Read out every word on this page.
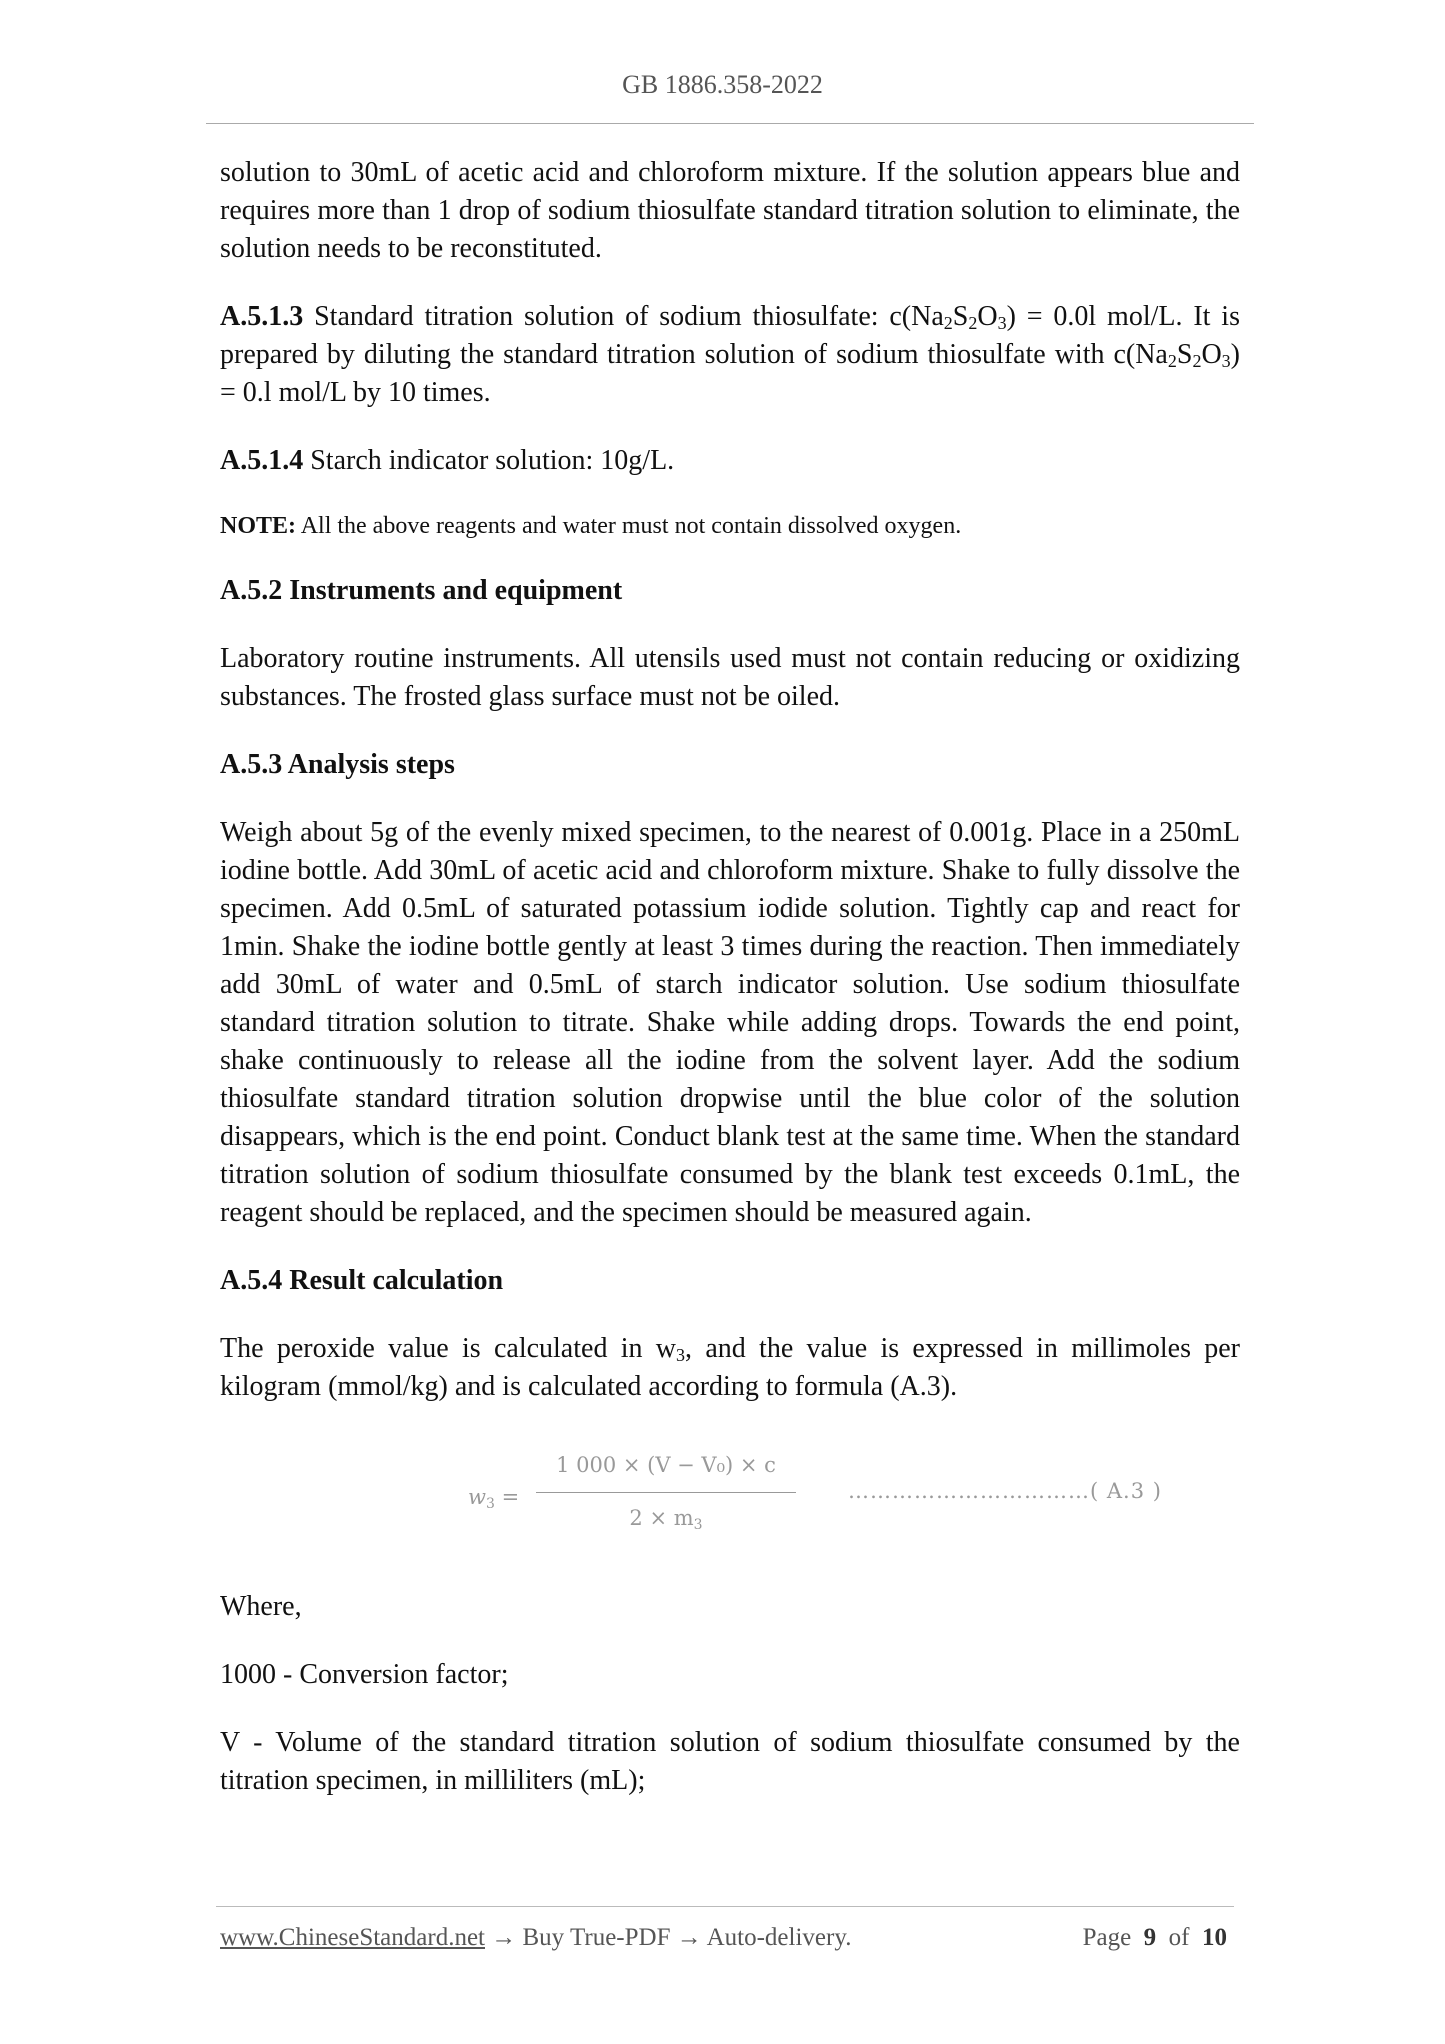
GB 1886.358-2022

solution to 30mL of acetic acid and chloroform mixture. If the solution appears blue and requires more than 1 drop of sodium thiosulfate standard titration solution to eliminate, the solution needs to be reconstituted.

A.5.1.3 Standard titration solution of sodium thiosulfate: $c(Na_2S_2O_3) = 0.0l$ mol/L. It is prepared by diluting the standard titration solution of sodium thiosulfate with $c(Na_2S_2O_3) = 0.l$ mol/L by 10 times.

A.5.1.4 Starch indicator solution: 10g/L.

NOTE: All the above reagents and water must not contain dissolved oxygen.

A.5.2 Instruments and equipment

Laboratory routine instruments. All utensils used must not contain reducing or oxidizing substances. The frosted glass surface must not be oiled.

A.5.3 Analysis steps

Weigh about 5g of the evenly mixed specimen, to the nearest of 0.001g. Place in a 250mL iodine bottle. Add 30mL of acetic acid and chloroform mixture. Shake to fully dissolve the specimen. Add 0.5mL of saturated potassium iodide solution. Tightly cap and react for 1min. Shake the iodine bottle gently at least 3 times during the reaction. Then immediately add 30mL of water and 0.5mL of starch indicator solution. Use sodium thiosulfate standard titration solution to titrate. Shake while adding drops. Towards the end point, shake continuously to release all the iodine from the solvent layer. Add the sodium thiosulfate standard titration solution dropwise until the blue color of the solution disappears, which is the end point. Conduct blank test at the same time. When the standard titration solution of sodium thiosulfate consumed by the blank test exceeds 0.1mL, the reagent should be replaced, and the specimen should be measured again.

A.5.4 Result calculation

The peroxide value is calculated in $w_3$, and the value is expressed in millimoles per kilogram (mmol/kg) and is calculated according to formula (A.3).

$w_3 = \frac{\text{1 000 × (V − V₀) × c}}{2 \times m_3}$ ……………………………( A.3 )

Where,

1000 - Conversion factor;

V - Volume of the standard titration solution of sodium thiosulfate consumed by the titration specimen, in milliliters (mL);

www.ChineseStandard.net → Buy True-PDF → Auto-delivery.	Page 9 of 10
